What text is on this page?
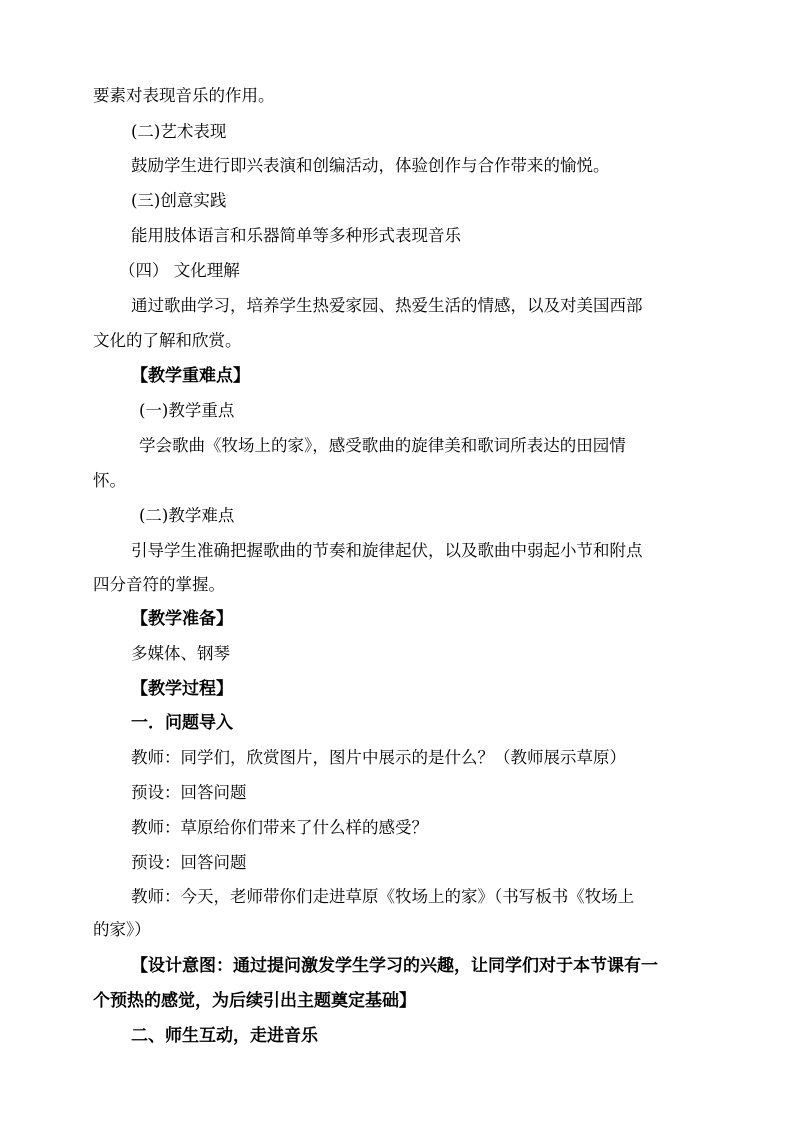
要素对表现音乐的作用。
(二)艺术表现
鼓励学生进行即兴表演和创编活动，体验创作与合作带来的愉悦。
(三)创意实践
能用肢体语言和乐器简单等多种形式表现音乐
（四） 文化理解
通过歌曲学习，培养学生热爱家园、热爱生活的情感，以及对美国西部
文化的了解和欣赏。
【教学重难点】
(一)教学重点
学会歌曲《牧场上的家》，感受歌曲的旋律美和歌词所表达的田园情
怀。
(二)教学难点
引导学生准确把握歌曲的节奏和旋律起伏，以及歌曲中弱起小节和附点
四分音符的掌握。
【教学准备】
多媒体、钢琴
【教学过程】
一．问题导入
教师：同学们，欣赏图片，图片中展示的是什么？（教师展示草原）
预设：回答问题
教师：草原给你们带来了什么样的感受？
预设：回答问题
教师：今天，老师带你们走进草原《牧场上的家》（书写板书《牧场上
的家》）
【设计意图：通过提问激发学生学习的兴趣，让同学们对于本节课有一
个预热的感觉，为后续引出主题奠定基础】
二、师生互动，走进音乐
